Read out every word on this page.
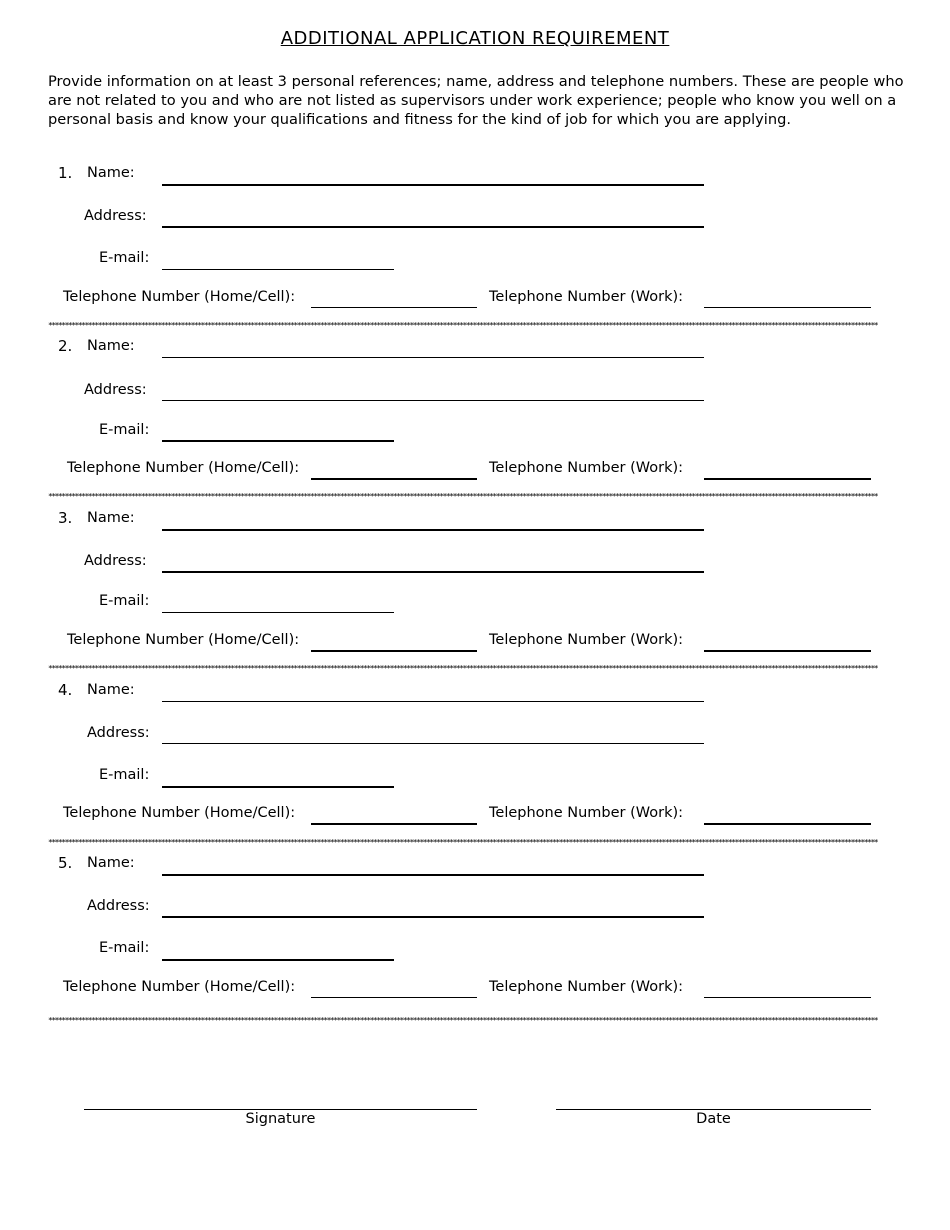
ADDITIONAL APPLICATION REQUIREMENT
Provide information on at least 3 personal references; name, address and telephone numbers. These are people who are not related to you and who are not listed as supervisors under work experience; people who know you well on a personal basis and know your qualifications and fitness for the kind of job for which you are applying.
1. Name:
Address:
E-mail:
Telephone Number (Home/Cell):	Telephone Number (Work):
**********************************************************************************************************************************************************************************************************************************************************
2. Name:
Address:
E-mail:
Telephone Number (Home/Cell):	Telephone Number (Work):
**********************************************************************************************************************************************************************************************************************************************************
3. Name:
Address:
E-mail:
Telephone Number (Home/Cell):	Telephone Number (Work):
**********************************************************************************************************************************************************************************************************************************************************
4. Name:
Address:
E-mail:
Telephone Number (Home/Cell):	Telephone Number (Work):
**********************************************************************************************************************************************************************************************************************************************************
5. Name:
Address:
E-mail:
Telephone Number (Home/Cell):	Telephone Number (Work):
**********************************************************************************************************************************************************************************************************************************************************
Signature	Date
